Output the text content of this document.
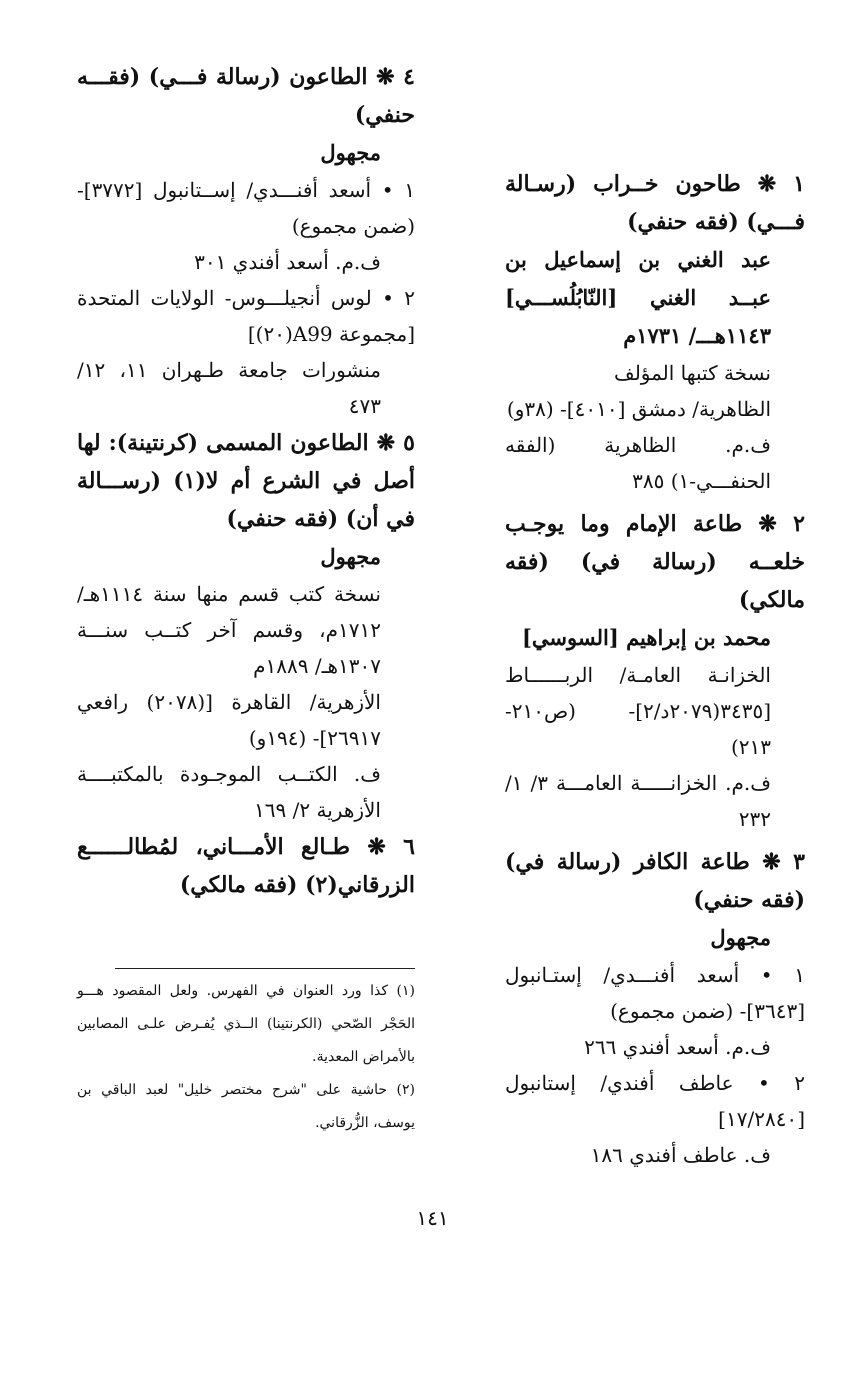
١ ❋ طاحون خــراب (رسـالة فـــي) (فقه حنفي)
عبد الغني بن إسماعيل بن عبــد الغني [النّابُلُســـي] ١١٤٣هـــ/ ١٧٣١م
نسخة كتبها المؤلف
الظاهرية/ دمشق [٤٠١٠]- (٣٨و)
ف.م. الظاهرية (الفقه الحنفـــي-١) ٣٨٥
٢ ❋ طاعة الإمام وما يوجـب خلعــه (رسالة في) (فقه مالكي)
محمد بن إبراهيم [السوسي]
الخزانـة العامـة/ الربــــــاط [٣٤٣٥(٢٠٧٩د/٢]- (ص٢١٠- ٢١٣)
ف.م. الخزانـــــة العامـــة ٣/ ١/ ٢٣٢
٣ ❋ طاعة الكافر (رسالة في) (فقه حنفي)
مجهول
١ • أسعد أفنـــدي/ إستـانبول [٣٦٤٣]- (ضمن مجموع)
ف.م. أسعد أفندي ٢٦٦
٢ • عاطف أفندي/ إستانبول [١٧/٢٨٤٠]
ف. عاطف أفندي ١٨٦
٤ ❋ الطاعون (رسالة فـــي) (فقـــه حنفي)
مجهول
١ • أسعد أفنـــدي/ إســتانبول [٣٧٧٢]- (ضمن مجموع)
ف.م. أسعد أفندي ٣٠١
٢ • لوس أنجيلـــوس- الولايات المتحدة [مجموعة A99(٢٠)]
منشورات جامعة طـهران ١١، ١٢/ ٤٧٣
٥ ❋ الطاعون المسمى (كرنتينة): لها أصل في الشرع أم لا(١) (رســـالة في أن) (فقه حنفي)
مجهول
نسخة كتب قسم منها سنة ١١١٤هـ/ ١٧١٢م، وقسم آخر كتــب سنـــة ١٣٠٧هـ/ ١٨٨٩م
الأزهرية/ القاهرة [(٢٠٧٨) رافعي ٢٦٩١٧]- (١٩٤و)
ف. الكتــب الموجـودة بالمكتبــــة الأزهرية ٢/ ١٦٩
٦ ❋ طـالع الأمـــاني، لمُطالــــــع الزرقاني(٢) (فقه مالكي)
(١) كذا ورد العنوان في الفهرس. ولعل المقصود هـــو الحَجْر الصّحي (الكرنتينا) الــذي يُفـرض علـى المصابين بالأمراض المعدية.
(٢) حاشية على "شرح مختصر خليل" لعبد الباقي بن يوسف، الزُّرقاني.
١٤١
